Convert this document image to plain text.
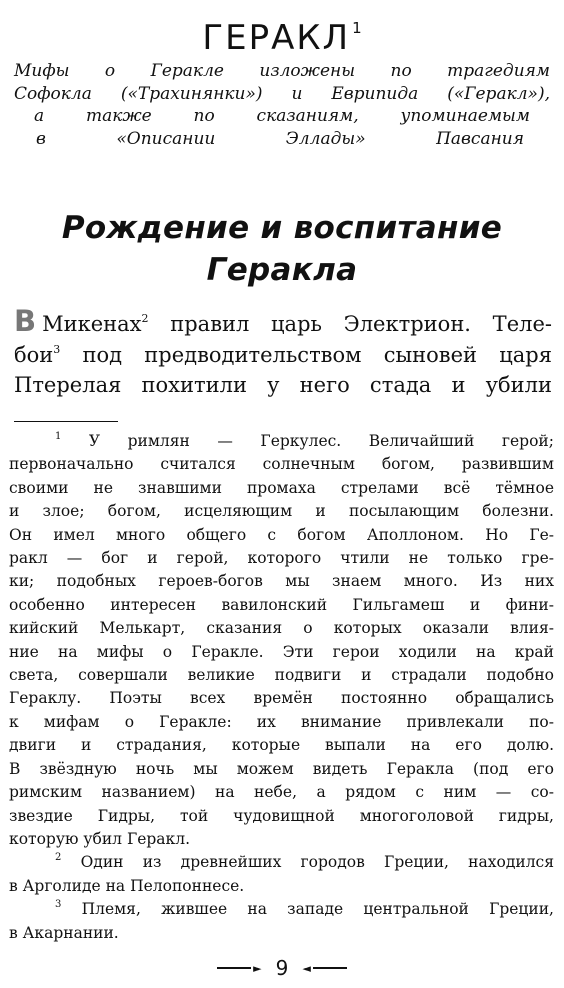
ГЕРАКЛ $^1$
Мифы о Геракле изложены по трагедиям
Софокла («Трахинянки») и Еврипида («Геракл»),
а также по сказаниям, упоминаемым
в «Описании Эллады» Павсания
Рождение и воспитание
Геракла
В Микенах$^2$ правил царь Электрион. Теле-
бои$^3$ под предводительством сыновей царя
Птерелая похитили у него стада и убили
$^1$ У римлян — Геркулес. Величайший герой;
первоначально считался солнечным богом, развившим
своими не знавшими промаха стрелами всё тёмное
и злое; богом, исцеляющим и посылающим болезни.
Он имел много общего с богом Аполлоном. Но Ге-
ракл — бог и герой, которого чтили не только гре-
ки; подобных героев-богов мы знаем много. Из них
особенно интересен вавилонский Гильгамеш и фини-
кийский Мелькарт, сказания о которых оказали влия-
ние на мифы о Геракле. Эти герои ходили на край
света, совершали великие подвиги и страдали подобно
Гераклу. Поэты всех времён постоянно обращались
к мифам о Геракле: их внимание привлекали по-
двиги и страдания, которые выпали на его долю.
В звёздную ночь мы можем видеть Геракла (под его
римским названием) на небе, а рядом с ним — со-
звездие Гидры, той чудовищной многоголовой гидры,
которую убил Геракл.
$^2$ Один из древнейших городов Греции, находился
в Арголиде на Пелопоннесе.
$^3$ Племя, жившее на западе центральной Греции,
в Акарнании.
► 9 ◄
